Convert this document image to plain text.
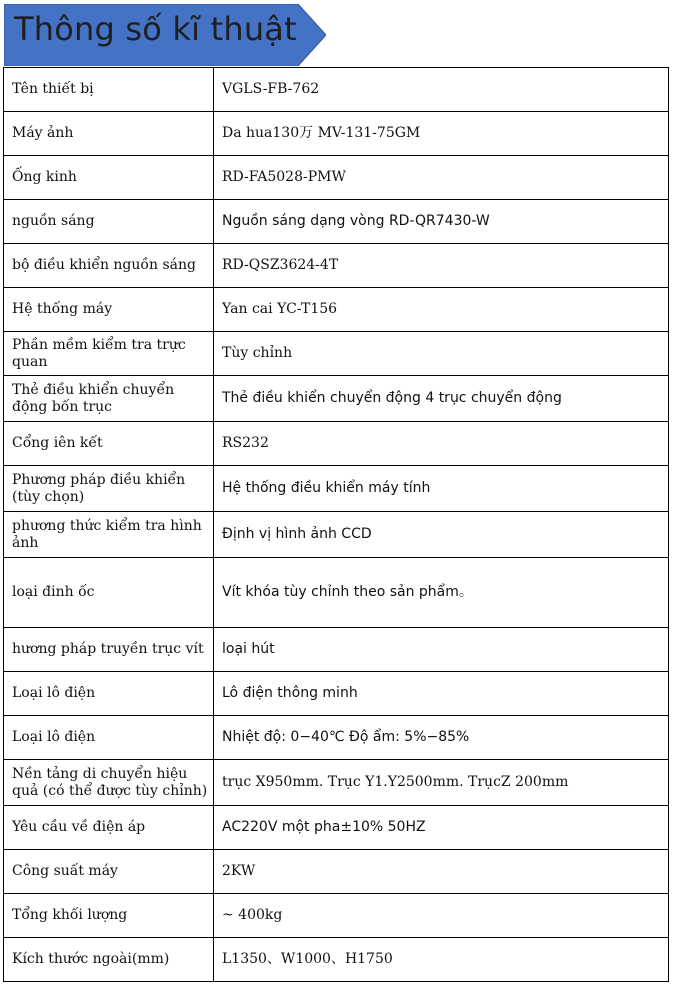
Thông số kĩ thuật
Tên thiết bị	VGLS-FB-762
Máy ảnh	Da hua130万 MV-131-75GM
Ống kinh	RD-FA5028-PMW
nguồn sáng	Nguồn sáng dạng vòng RD-QR7430-W
bộ điều khiển nguồn sáng	RD-QSZ3624-4T
Hệ thống máy	Yan cai YC-T156
Phần mềm kiểm tra trực quan	Tùy chỉnh
Thẻ điều khiển chuyển động bốn trục	Thẻ điều khiển chuyển động 4 trục chuyển động
Cổng iên kết	RS232
Phương pháp điều khiển (tùy chọn)	Hệ thống điều khiển máy tính
phương thức kiểm tra hình ảnh	Định vị hình ảnh CCD
loại đinh ốc	Vít khóa tùy chỉnh theo sản phẩm。
hương pháp truyền trục vít	loại hút
Loại lô điện	Lô điện thông minh
Loại lô điện	Nhiệt độ: 0−40℃ Độ ẩm: 5%−85%
Nền tảng di chuyển hiệu quả (có thể được tùy chỉnh)	trục X950mm. Trục Y1.Y2500mm. TrụcZ 200mm
Yêu cầu về điện áp	AC220V một pha±10% 50HZ
Công suất máy	2KW
Tổng khối lượng	~ 400kg
Kích thước ngoài(mm)	L1350、W1000、H1750
